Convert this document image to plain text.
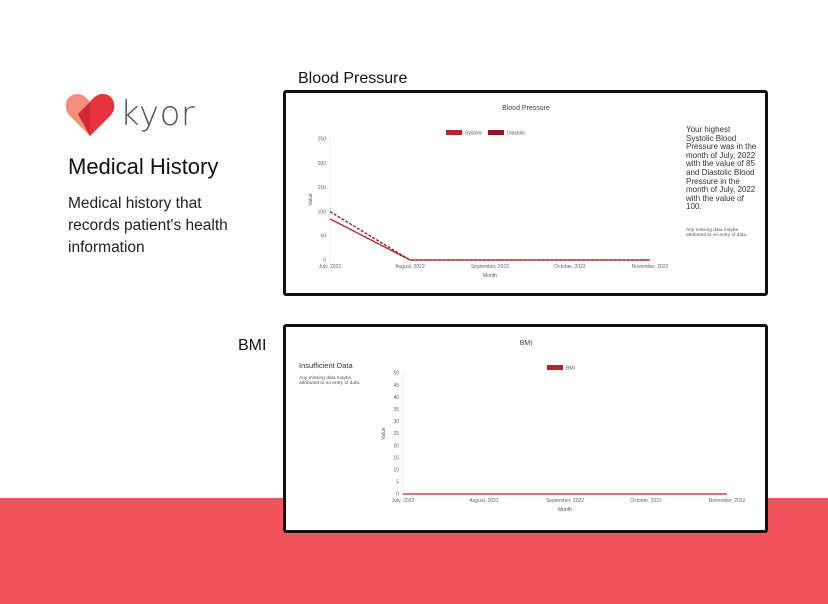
kyor
Medical History
Medical history that records patient's health information
Blood Pressure
Blood Pressure
Systolic	Diastolic
0
50
100
150
200
250
July, 2022	August, 2022	September, 2022	October, 2022	November, 2022
Month
Value
Your highest Systolic Blood Pressure was in the month of July, 2022 with the value of 85 and Diastolic Blood Pressure in the month of July, 2022 with the value of 100.
Any missing data maybe attributed to no entry of data.
BMI	BMI
BMI
0
5
10
15
20
25
30
35
40
45
50
July, 2022	August, 2022	September, 2022	October, 2022	November, 2022
Month
Value
Insufficient Data
Any missing data maybe attributed to no entry of data.
